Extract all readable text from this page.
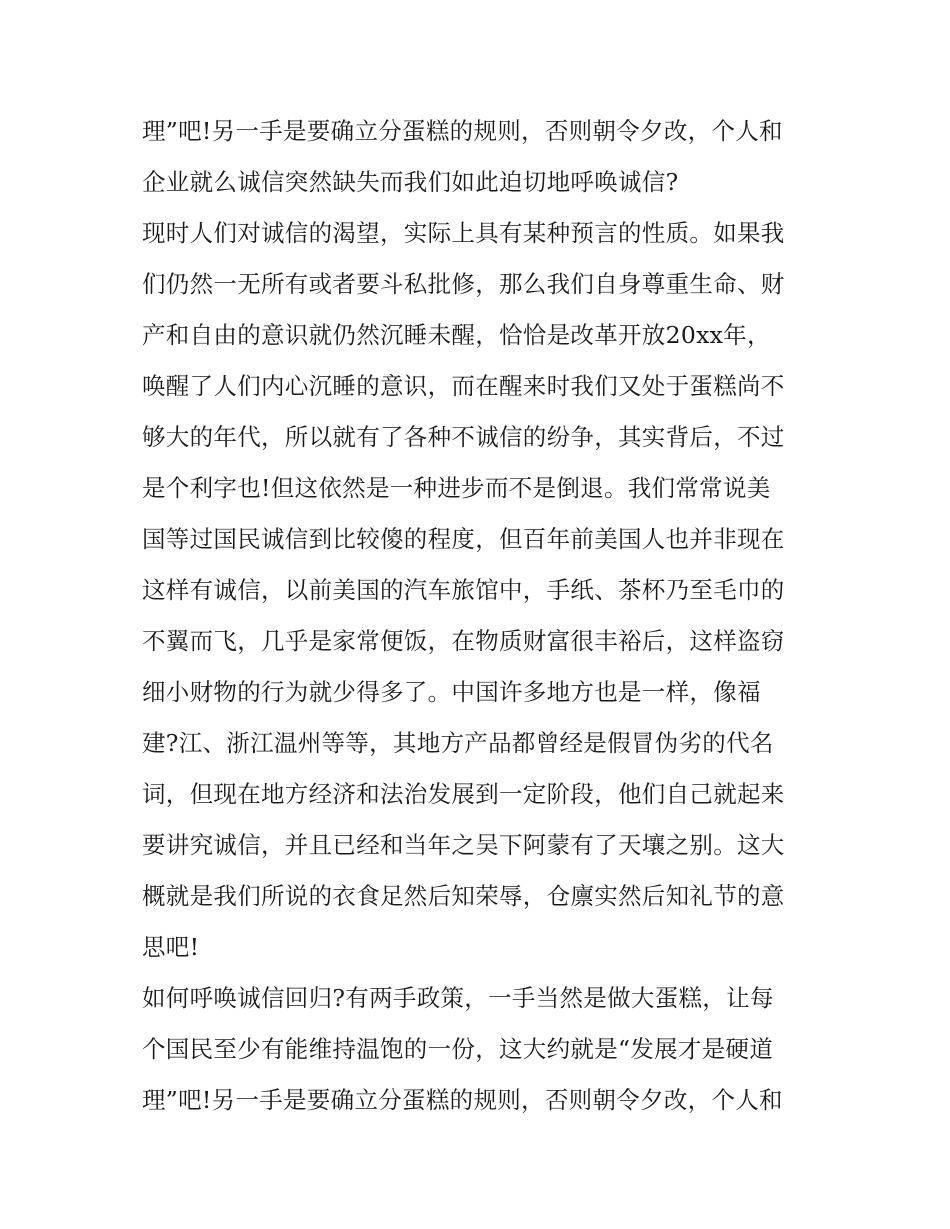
理”吧!另一手是要确立分蛋糕的规则，否则朝令夕改，个人和
企业就么诚信突然缺失而我们如此迫切地呼唤诚信?
现时人们对诚信的渴望，实际上具有某种预言的性质。如果我
们仍然一无所有或者要斗私批修，那么我们自身尊重生命、财
产和自由的意识就仍然沉睡未醒，恰恰是改革开放20xx年，
唤醒了人们内心沉睡的意识，而在醒来时我们又处于蛋糕尚不
够大的年代，所以就有了各种不诚信的纷争，其实背后，不过
是个利字也!但这依然是一种进步而不是倒退。我们常常说美
国等过国民诚信到比较傻的程度，但百年前美国人也并非现在
这样有诚信，以前美国的汽车旅馆中，手纸、茶杯乃至毛巾的
不翼而飞，几乎是家常便饭，在物质财富很丰裕后，这样盗窃
细小财物的行为就少得多了。中国许多地方也是一样，像福
建?江、浙江温州等等，其地方产品都曾经是假冒伪劣的代名
词，但现在地方经济和法治发展到一定阶段，他们自己就起来
要讲究诚信，并且已经和当年之吴下阿蒙有了天壤之别。这大
概就是我们所说的衣食足然后知荣辱，仓廪实然后知礼节的意
思吧!
如何呼唤诚信回归?有两手政策，一手当然是做大蛋糕，让每
个国民至少有能维持温饱的一份，这大约就是“发展才是硬道
理”吧!另一手是要确立分蛋糕的规则，否则朝令夕改，个人和
